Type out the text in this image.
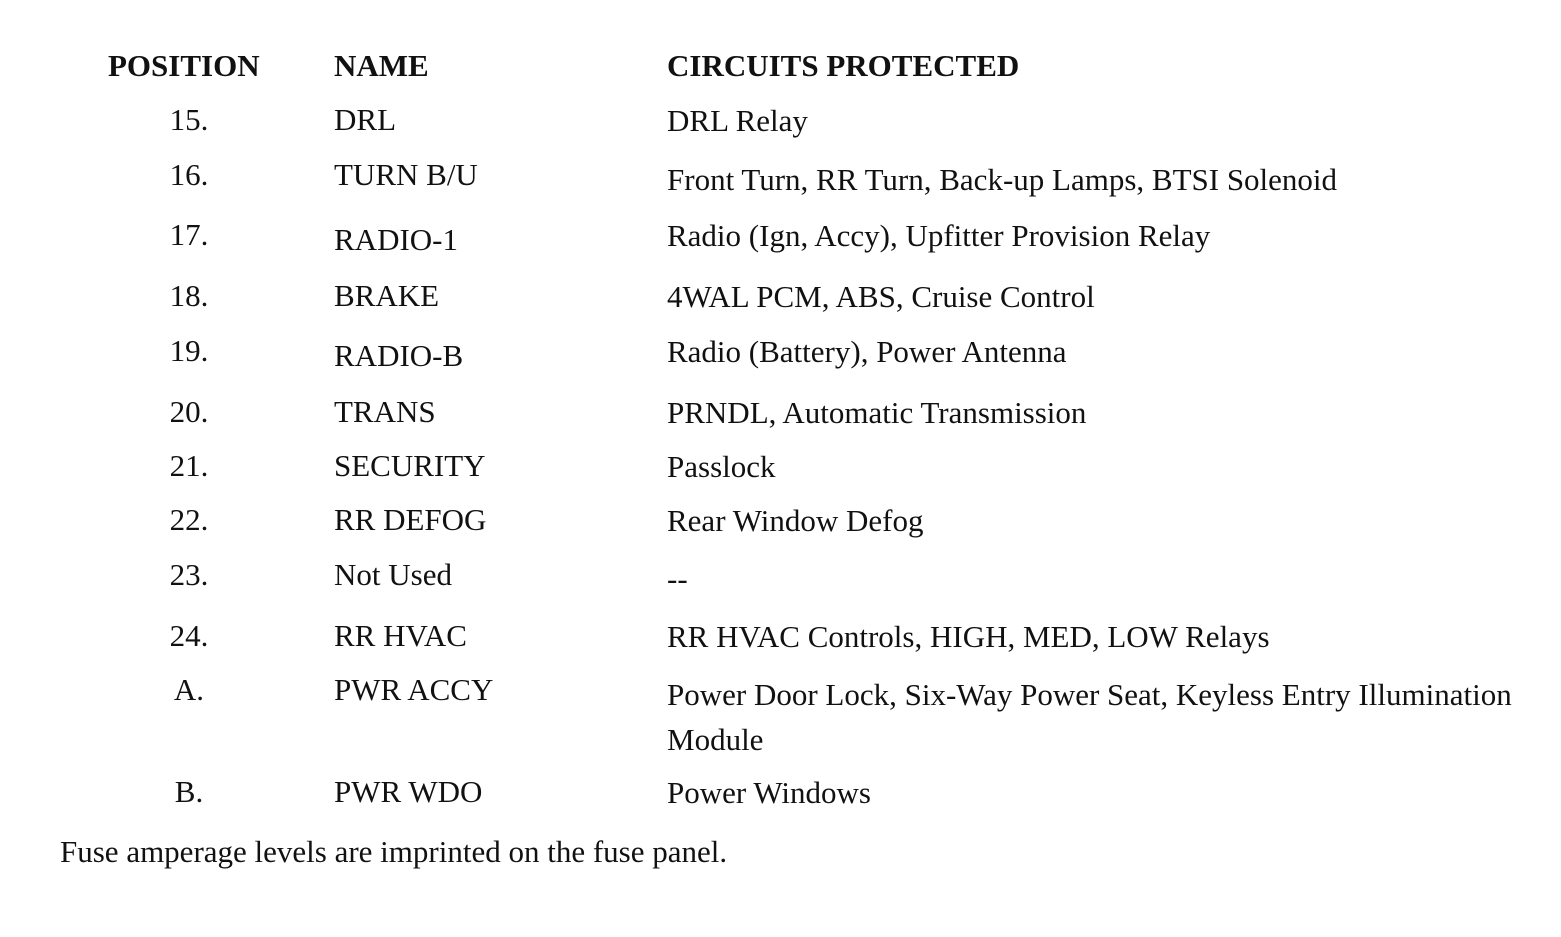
POSITION NAME	CIRCUITS PROTECTED
15.	DRL	DRL Relay
16.	TURN B/U	Front Turn, RR Turn, Back-up Lamps, BTSI Solenoid
17.	RADIO-1	Radio (Ign, Accy), Upfitter Provision Relay
18.	BRAKE	4WAL PCM, ABS, Cruise Control
19.	RADIO-B	Radio (Battery), Power Antenna
20.	TRANS	PRNDL, Automatic Transmission
21.	SECURITY	Passlock
22.	RR DEFOG	Rear Window Defog
23.	Not Used	--
24.	RR HVAC	RR HVAC Controls, HIGH, MED, LOW Relays
A.	PWR ACCY	Power Door Lock, Six-Way Power Seat, Keyless Entry Illumination Module
B.	PWR WDO	Power Windows
Fuse amperage levels are imprinted on the fuse panel.
